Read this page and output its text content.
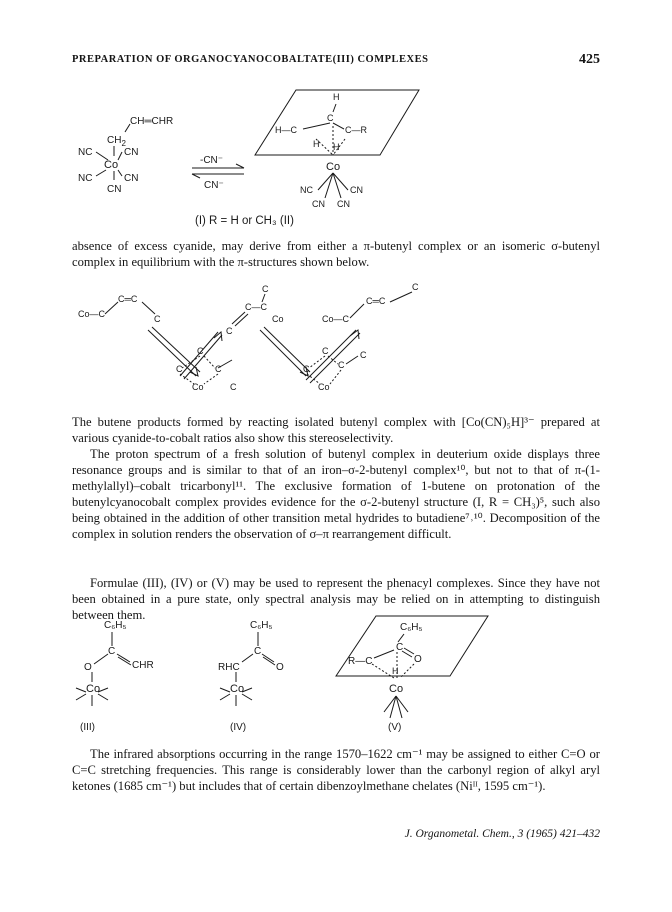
PREPARATION OF ORGANOCYANOCOBALTATE(III) COMPLEXES	425
CH═CHR
$CH_2$
NC	CN
Co
NC	CN
CN
-CN⁻
CN⁻
H
C
H—C	C—R
H H
Co
NC	CN
CN CN
(I) R = H or CH₃ (II)

absence of excess cyanide, may derive from either a π-butenyl complex or an isomeric σ-butenyl complex in equilibrium with the π-structures shown below.

Co—C
C═C
C
C
C—C
Co
C
Co—C
C═C
C
C
C	C
Co	C
C
C	C
C
Co

The butene products formed by reacting isolated butenyl complex with [Co(CN)₅H]³⁻ prepared at various cyanide-to-cobalt ratios also show this stereoselectivity.

The proton spectrum of a fresh solution of butenyl complex in deuterium oxide displays three resonance groups and is similar to that of an iron–σ-2-butenyl complex¹⁰, but not to that of π-(1-methylallyl)–cobalt tricarbonyl¹¹. The exclusive formation of 1-butene on protonation of the butenylcyanocobalt complex provides evidence for the σ-2-butenyl structure (I, R = CH₃)⁵, such also being obtained in the addition of other transition metal hydrides to butadiene⁷˒¹⁰. Decomposition of the complex in solution renders the observation of σ–π rearrangement difficult.

Formulae (III), (IV) or (V) may be used to represent the phenacyl complexes. Since they have not been obtained in a pure state, only spectral analysis may be relied on in attempting to distinguish between them.

C₆H₅
C
O	CHR
Co
C₆H₅
C
RHC	O
Co
C₆H₅
C
O
R—C
H
Co
(III)	(IV)	(V)

The infrared absorptions occurring in the range 1570–1622 cm⁻¹ may be assigned to either C=O or C=C stretching frequencies. This range is considerably lower than the carbonyl region of alkyl aryl ketones (1685 cm⁻¹) but includes that of certain dibenzoylmethane chelates (Niᴵᴵ, 1595 cm⁻¹).

J. Organometal. Chem., 3 (1965) 421–432
